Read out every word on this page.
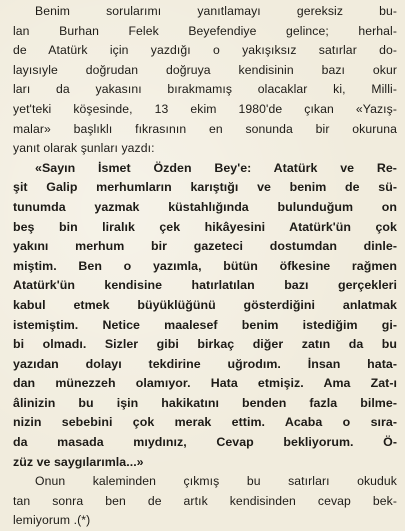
Benim sorularımı yanıtlamayı gereksiz bu-
lan Burhan Felek Beyefendiye gelince; herhal-
de Atatürk için yazdığı o yakışıksız satırlar do-
layısıyle doğrudan doğruya kendisinin bazı okur
ları da yakasını bırakmamış olacaklar ki, Milli-
yet'teki köşesinde, 13 ekim 1980'de çıkan «Yazış-
malar» başlıklı fıkrasının en sonunda bir okuruna
yanıt olarak şunları yazdı:
«Sayın İsmet Özden Bey'e: Atatürk ve Re-
şit Galip merhumların karıştığı ve benim de sü-
tunumda yazmak küstahlığında bulunduğum on
beş bin liralık çek hikâyesini Atatürk'ün çok
yakını merhum bir gazeteci dostumdan dinle-
miştim. Ben o yazımla, bütün öfkesine rağmen
Atatürk'ün kendisine hatırlatılan bazı gerçekleri
kabul etmek büyüklüğünü gösterdiğini anlatmak
istemiştim. Netice maalesef benim istediğim gi-
bi olmadı. Sizler gibi birkaç diğer zatın da bu
yazıdan dolayı tekdirine uğrodım. İnsan hata-
dan münezzeh olamıyor. Hata etmişiz. Ama Zat-ı
âlinizin bu işin hakikatını benden fazla bilme-
nizin sebebini çok merak ettim. Acaba o sıra-
da masada mıydınız, Cevap bekliyorum. Ö-
züz ve saygılarımla...»
Onun kaleminden çıkmış bu satırları okuduk
tan sonra ben de artık kendisinden cevap bek-
lemiyorum .(*)
